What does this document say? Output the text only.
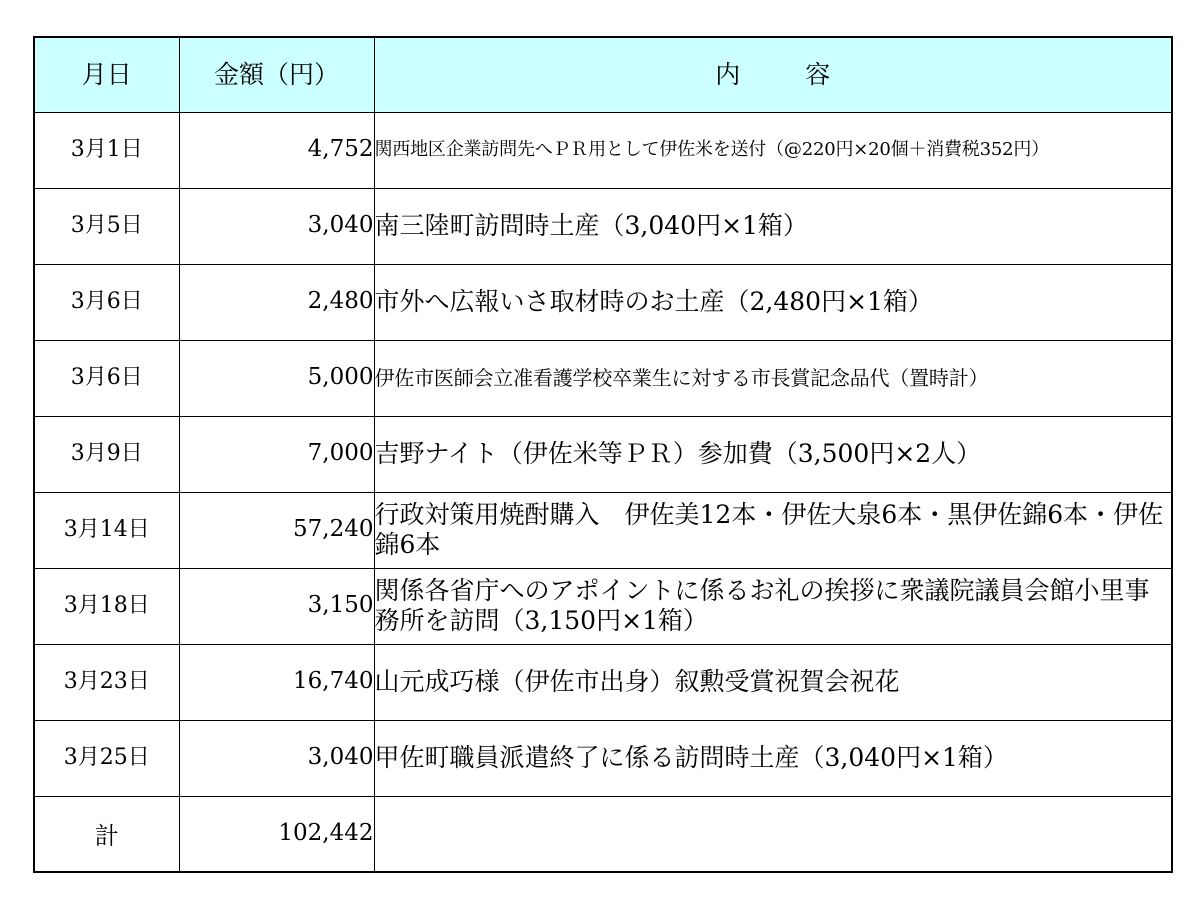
月日	金額（円）	内容
3月1日	4,752	関西地区企業訪問先へＰＲ用として伊佐米を送付（@220円×20個＋消費税352円）
3月5日	3,040	南三陸町訪問時土産（3,040円×1箱）
3月6日	2,480	市外へ広報いさ取材時のお土産（2,480円×1箱）
3月6日	5,000	伊佐市医師会立准看護学校卒業生に対する市長賞記念品代（置時計）
3月9日	7,000	吉野ナイト（伊佐米等ＰＲ）参加費（3,500円×2人）
3月14日	57,240	行政対策用焼酎購入　伊佐美12本・伊佐大泉6本・黒伊佐錦6本・伊佐錦6本
3月18日	3,150	関係各省庁へのアポイントに係るお礼の挨拶に衆議院議員会館小里事務所を訪問（3,150円×1箱）
3月23日	16,740	山元成巧様（伊佐市出身）叙勲受賞祝賀会祝花
3月25日	3,040	甲佐町職員派遣終了に係る訪問時土産（3,040円×1箱）
計	102,442	
